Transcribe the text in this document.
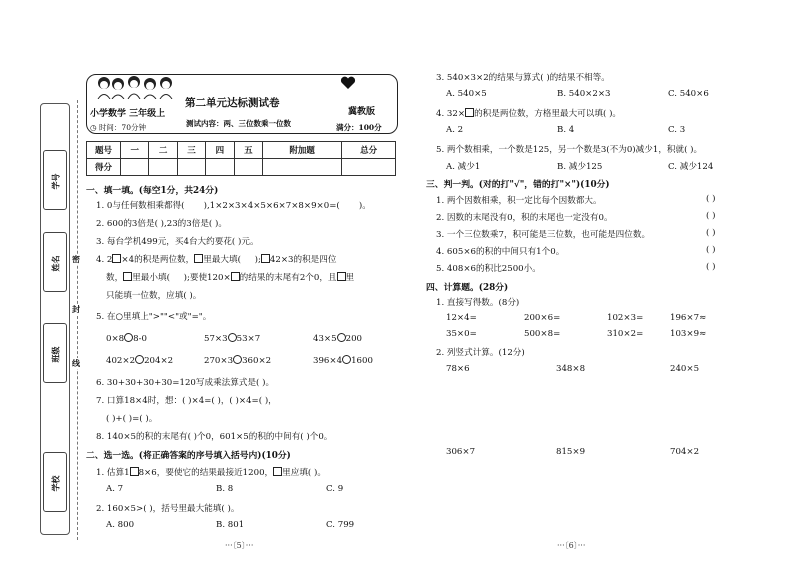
学号
姓名
班级
学校
密
封
线
第二单元达标测试卷
小学数学 三年级上	冀教版
◷ 时间：70分钟	测试内容：两、三位数乘一位数	满分：100分
题号	一	二	三	四	五	附加题	总分
得分							
一、填一填。(每空1分，共24分)
1. 0与任何数相乘都得( ),1×2×3×4×5×6×7×8×9×0=( )。
2. 600的3倍是( ),23的3倍是( )。
3. 每台学机499元，买4台大约要花( )元。
4. 2 ×4的积是两位数， 里最大填( ); 42×3的积是四位
数， 里最小填( );要使120× 的结果的末尾有2个0，且 里
只能填一位数，应填( )。
5. 在○里填上">""<"或"="。
0×8 8-0	57×3 53×7	43×5 200
402×2 204×2	270×3 360×2	396×4 1600
6. 30+30+30+30=120写成乘法算式是( )。
7. 口算18×4时，想：( )×4=( )，( )×4=( )，
( )+( )=( )。
8. 140×5的积的末尾有( )个0，601×5的积的中间有( )个0。
二、选一选。(将正确答案的序号填入括号内)(10分)
1. 估算1 8×6，要使它的结果最接近1200， 里应填( )。
A. 7	B. 8	C. 9
2. 160×5>( )，括号里最大能填( )。
A. 800	B. 801	C. 799
···〔5〕···
3. 540×3×2的结果与算式( )的结果不相等。
A. 540×5	B. 540×2×3	C. 540×6
4. 32× 的积是两位数，方格里最大可以填( )。
A. 2	B. 4	C. 3
5. 两个数相乘，一个数是125，另一个数是3(不为0)减少1，积就( )。
A. 减少1	B. 减少125	C. 减少124
三、判一判。(对的打"√"，错的打"×")(10分)
1. 两个因数相乘，积一定比每个因数都大。	( )
2. 因数的末尾没有0，积的末尾也一定没有0。	( )
3. 一个三位数乘7，积可能是三位数，也可能是四位数。	( )
4. 605×6的积的中间只有1个0。	( )
5. 408×6的积比2500小。	( )
四、计算题。(28分)
1. 直接写得数。(8分)
12×4=	200×6=	102×3=	196×7≈
35×0=	500×8=	310×2=	103×9≈
2. 列竖式计算。(12分)
78×6	348×8	240×5
306×7	815×9	704×2
···〔6〕···
